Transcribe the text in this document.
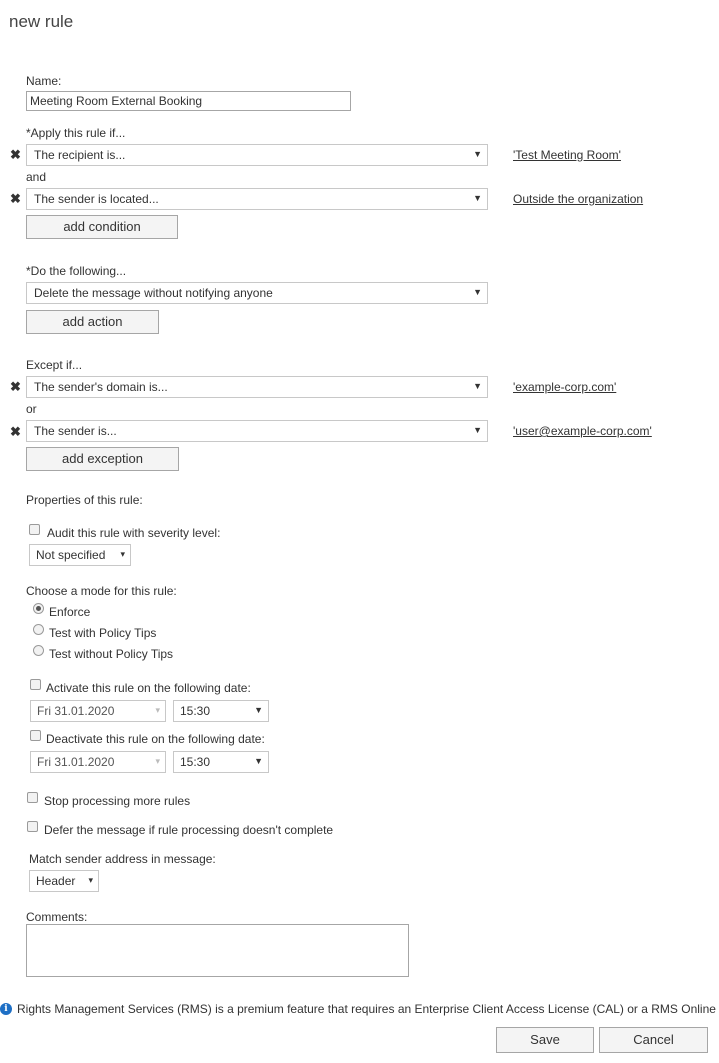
new rule
Name:
Meeting Room External Booking
*Apply this rule if...
✖	The recipient is...	▼	'Test Meeting Room'
and
✖	The sender is located...	▼	Outside the organization
add condition
*Do the following...
Delete the message without notifying anyone	▼
add action
Except if...
✖	The sender's domain is...	▼	'example-corp.com'
or
✖	The sender is...	▼	'user@example-corp.com'
add exception
Properties of this rule:
Audit this rule with severity level:
Not specified ▾
Choose a mode for this rule:
Enforce
Test with Policy Tips
Test without Policy Tips
Activate this rule on the following date:
Fri 31.01.2020	▾	15:30	▼
Deactivate this rule on the following date:
Fri 31.01.2020	▾	15:30	▼
Stop processing more rules
Defer the message if rule processing doesn't complete
Match sender address in message:
Header ▾
Comments:
i Rights Management Services (RMS) is a premium feature that requires an Enterprise Client Access License (CAL) or a RMS Online
Save	Cancel
